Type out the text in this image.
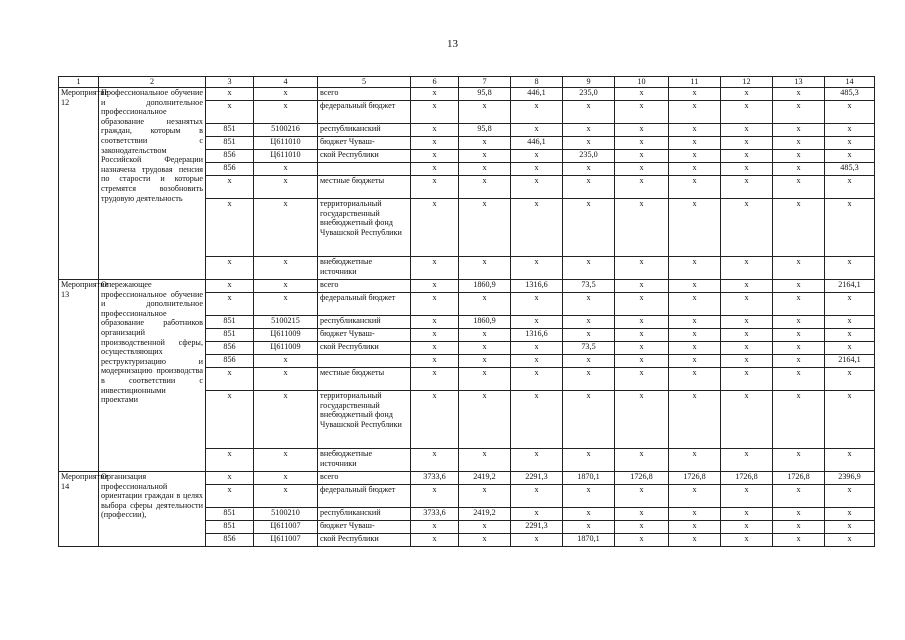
13
1	2	3	4	5	6	7	8	9	10	11	12	13	14
Мероприятие 12	Профессиональное обучение и дополнительное профессиональное образование незанятых граждан, которым в соответствии с законодательством Российской Федерации назначена трудовая пенсия по старости и которые стремятся возобновить трудовую деятельность	x	x	всего	x	95,8	446,1	235,0	x	x	x	x	485,3
		x	x	федеральный бюджет	x	x	x	x	x	x	x	x	x
		851	5100216	республиканский	x	95,8	x	x	x	x	x	x	x
		851	Ц611010	бюджет Чуваш-	x	x	446,1	x	x	x	x	x	x
		856	Ц611010	ской Республики	x	x	x	235,0	x	x	x	x	x
		856	x		x	x	x	x	x	x	x	x	485,3
		x	x	местные бюджеты	x	x	x	x	x	x	x	x	x
		x	x	территориальный государственный внебюджетный фонд Чувашской Республики	x	x	x	x	x	x	x	x	x
		x	x	внебюджетные источники	x	x	x	x	x	x	x	x	x
Мероприятие 13	Опережающее профессиональное обучение и дополнительное профессиональное образование работников организаций производственной сферы, осуществляющих реструктуризацию и модернизацию производства в соответствии с инвестиционными проектами	x	x	всего	x	1860,9	1316,6	73,5	x	x	x	x	2164,1
		x	x	федеральный бюджет	x	x	x	x	x	x	x	x	x
		851	5100215	республиканский	x	1860,9	x	x	x	x	x	x	x
		851	Ц611009	бюджет Чуваш-	x	x	1316,6	x	x	x	x	x	x
		856	Ц611009	ской Республики	x	x	x	73,5	x	x	x	x	x
		856	x		x	x	x	x	x	x	x	x	2164,1
		x	x	местные бюджеты	x	x	x	x	x	x	x	x	x
		x	x	территориальный государственный внебюджетный фонд Чувашской Республики	x	x	x	x	x	x	x	x	x
		x	x	внебюджетные источники	x	x	x	x	x	x	x	x	x
Мероприятие 14	Организация профессиональной ориентации граждан в целях выбора сферы деятельности (профессии),	x	x	всего	3733,6	2419,2	2291,3	1870,1	1726,8	1726,8	1726,8	1726,8	2396,9
		x	x	федеральный бюджет	x	x	x	x	x	x	x	x	x
		851	5100210	республиканский	3733,6	2419,2	x	x	x	x	x	x	x
		851	Ц611007	бюджет Чуваш-	x	x	2291,3	x	x	x	x	x	x
		856	Ц611007	ской Республики	x	x	x	1870,1	x	x	x	x	x
